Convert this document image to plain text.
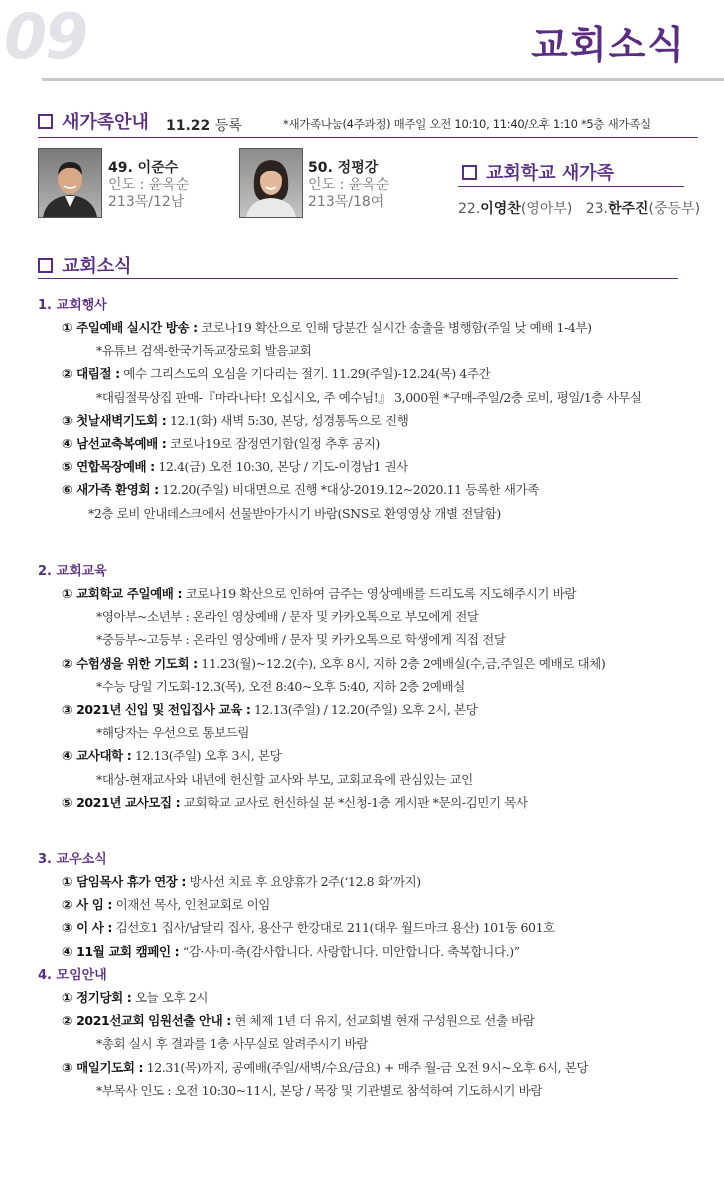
09	교회소식
새가족안내 11.22 등록	*새가족나눔(4주과정) 매주일 오전 10:10, 11:40/오후 1:10 *5층 새가족실
49. 이준수
인도 : 윤옥순
213목/12남
50. 정평강
인도 : 윤옥순
213목/18여
교회학교 새가족
22.이영찬(영아부) 23.한주진(중등부)
교회소식
1. 교회행사
① 주일예배 실시간 방송 : 코로나19 확산으로 인해 당분간 실시간 송출을 병행함(주일 낮 예배 1-4부)
*유튜브 검색-한국기독교장로회 발음교회
② 대림절 : 예수 그리스도의 오심을 기다리는 절기. 11.29(주일)-12.24(목) 4주간
*대림절묵상집 판매-『마라나타! 오십시오, 주 예수님!』 3,000원 *구매-주일/2층 로비, 평일/1층 사무실
③ 첫날새벽기도회 : 12.1(화) 새벽 5:30, 본당, 성경통독으로 진행
④ 남선교축복예배 : 코로나19로 잠정연기함(일정 추후 공지)
⑤ 연합목장예배 : 12.4(금) 오전 10:30, 본당 / 기도-이경남1 권사
⑥ 새가족 환영회 : 12.20(주일) 비대면으로 진행 *대상-2019.12~2020.11 등록한 새가족
*2층 로비 안내데스크에서 선물받아가시기 바람(SNS로 환영영상 개별 전달함)
2. 교회교육
① 교회학교 주일예배 : 코로나19 확산으로 인하여 금주는 영상예배를 드리도록 지도해주시기 바람
*영아부~소년부 : 온라인 영상예배 / 문자 및 카카오톡으로 부모에게 전달
*중등부~고등부 : 온라인 영상예배 / 문자 및 카카오톡으로 학생에게 직접 전달
② 수험생을 위한 기도회 : 11.23(월)~12.2(수), 오후 8시, 지하 2층 2예배실(수,금,주일은 예배로 대체)
*수능 당일 기도회-12.3(목), 오전 8:40~오후 5:40, 지하 2층 2예배실
③ 2021년 신입 및 전입집사 교육 : 12.13(주일) / 12.20(주일) 오후 2시, 본당
*해당자는 우선으로 통보드림
④ 교사대학 : 12.13(주일) 오후 3시, 본당
*대상-현재교사와 내년에 헌신할 교사와 부모, 교회교육에 관심있는 교인
⑤ 2021년 교사모집 : 교회학교 교사로 헌신하실 분 *신청-1층 게시판 *문의-김민기 목사
3. 교우소식
① 담임목사 휴가 연장 : 방사선 치료 후 요양휴가 2주(‘12.8 화’까지)
② 사 임 : 이재선 목사, 인천교회로 이임
③ 이 사 : 김선호1 집사/남달리 집사, 용산구 한강대로 211(대우 월드마크 용산) 101동 601호
④ 11월 교회 캠페인 : “감·사·미·축(감사합니다. 사랑합니다. 미안합니다. 축복합니다.)”
4. 모임안내
① 정기당회 : 오늘 오후 2시
② 2021선교회 임원선출 안내 : 현 체제 1년 더 유지, 선교회별 현재 구성원으로 선출 바람
*총회 실시 후 결과를 1층 사무실로 알려주시기 바람
③ 매일기도회 : 12.31(목)까지, 공예배(주일/새벽/수요/금요) + 매주 월-금 오전 9시~오후 6시, 본당
*부목사 인도 : 오전 10:30~11시, 본당 / 목장 및 기관별로 참석하여 기도하시기 바람
